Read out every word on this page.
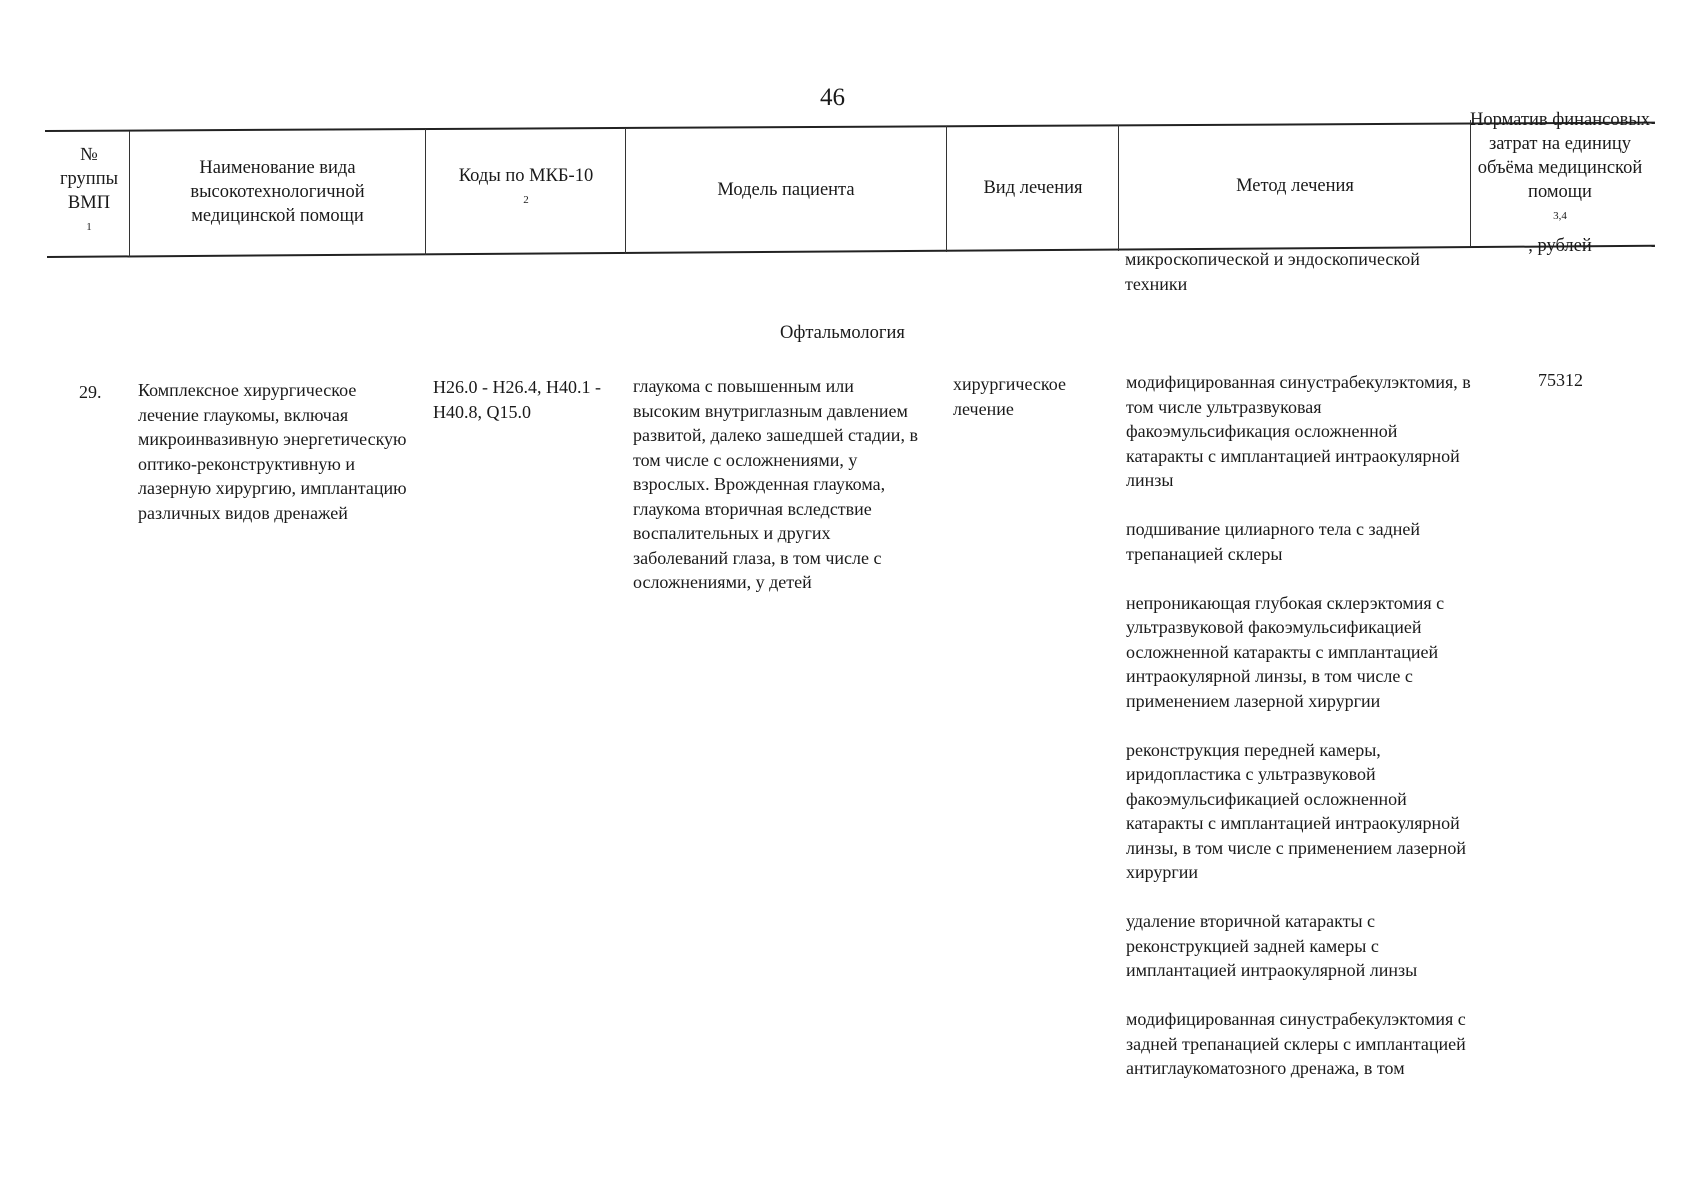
46
№ группы ВМП
$^1$
Наименование вида высокотехнологичной медицинской помощи
Коды по МКБ-10
$^2$
Модель пациента	Вид лечения	Метод лечения
Норматив финансовых затрат на единицу объёма медицинской помощи
$^{3,4}$
, рублей
микроскопической и эндоскопической техники
Офтальмология
29. Комплексное хирургическое лечение глаукомы, включая микроинвазивную энергетическую оптико-реконструктивную и лазерную хирургию, имплантацию различных видов дренажей
H26.0 - H26.4, H40.1 - H40.8, Q15.0
глаукома с повышенным или высоким внутриглазным давлением развитой, далеко зашедшей стадии, в том числе с осложнениями, у взрослых. Врожденная глаукома, глаукома вторичная вследствие воспалительных и других заболеваний глаза, в том числе с осложнениями, у детей
хирургическое лечение

модифицированная синустрабекулэктомия, в том числе ультразвуковая факоэмульсификация осложненной катаракты с имплантацией интраокулярной линзы

подшивание цилиарного тела с задней трепанацией склеры

непроникающая глубокая склерэктомия с ультразвуковой факоэмульсификацией осложненной катаракты с имплантацией интраокулярной линзы, в том числе с применением лазерной хирургии

реконструкция передней камеры, иридопластика с ультразвуковой факоэмульсификацией осложненной катаракты с имплантацией интраокулярной линзы, в том числе с применением лазерной хирургии

удаление вторичной катаракты с реконструкцией задней камеры с имплантацией интраокулярной линзы

модифицированная синустрабекулэктомия с задней трепанацией склеры с имплантацией антиглаукоматозного дренажа, в том

75312
